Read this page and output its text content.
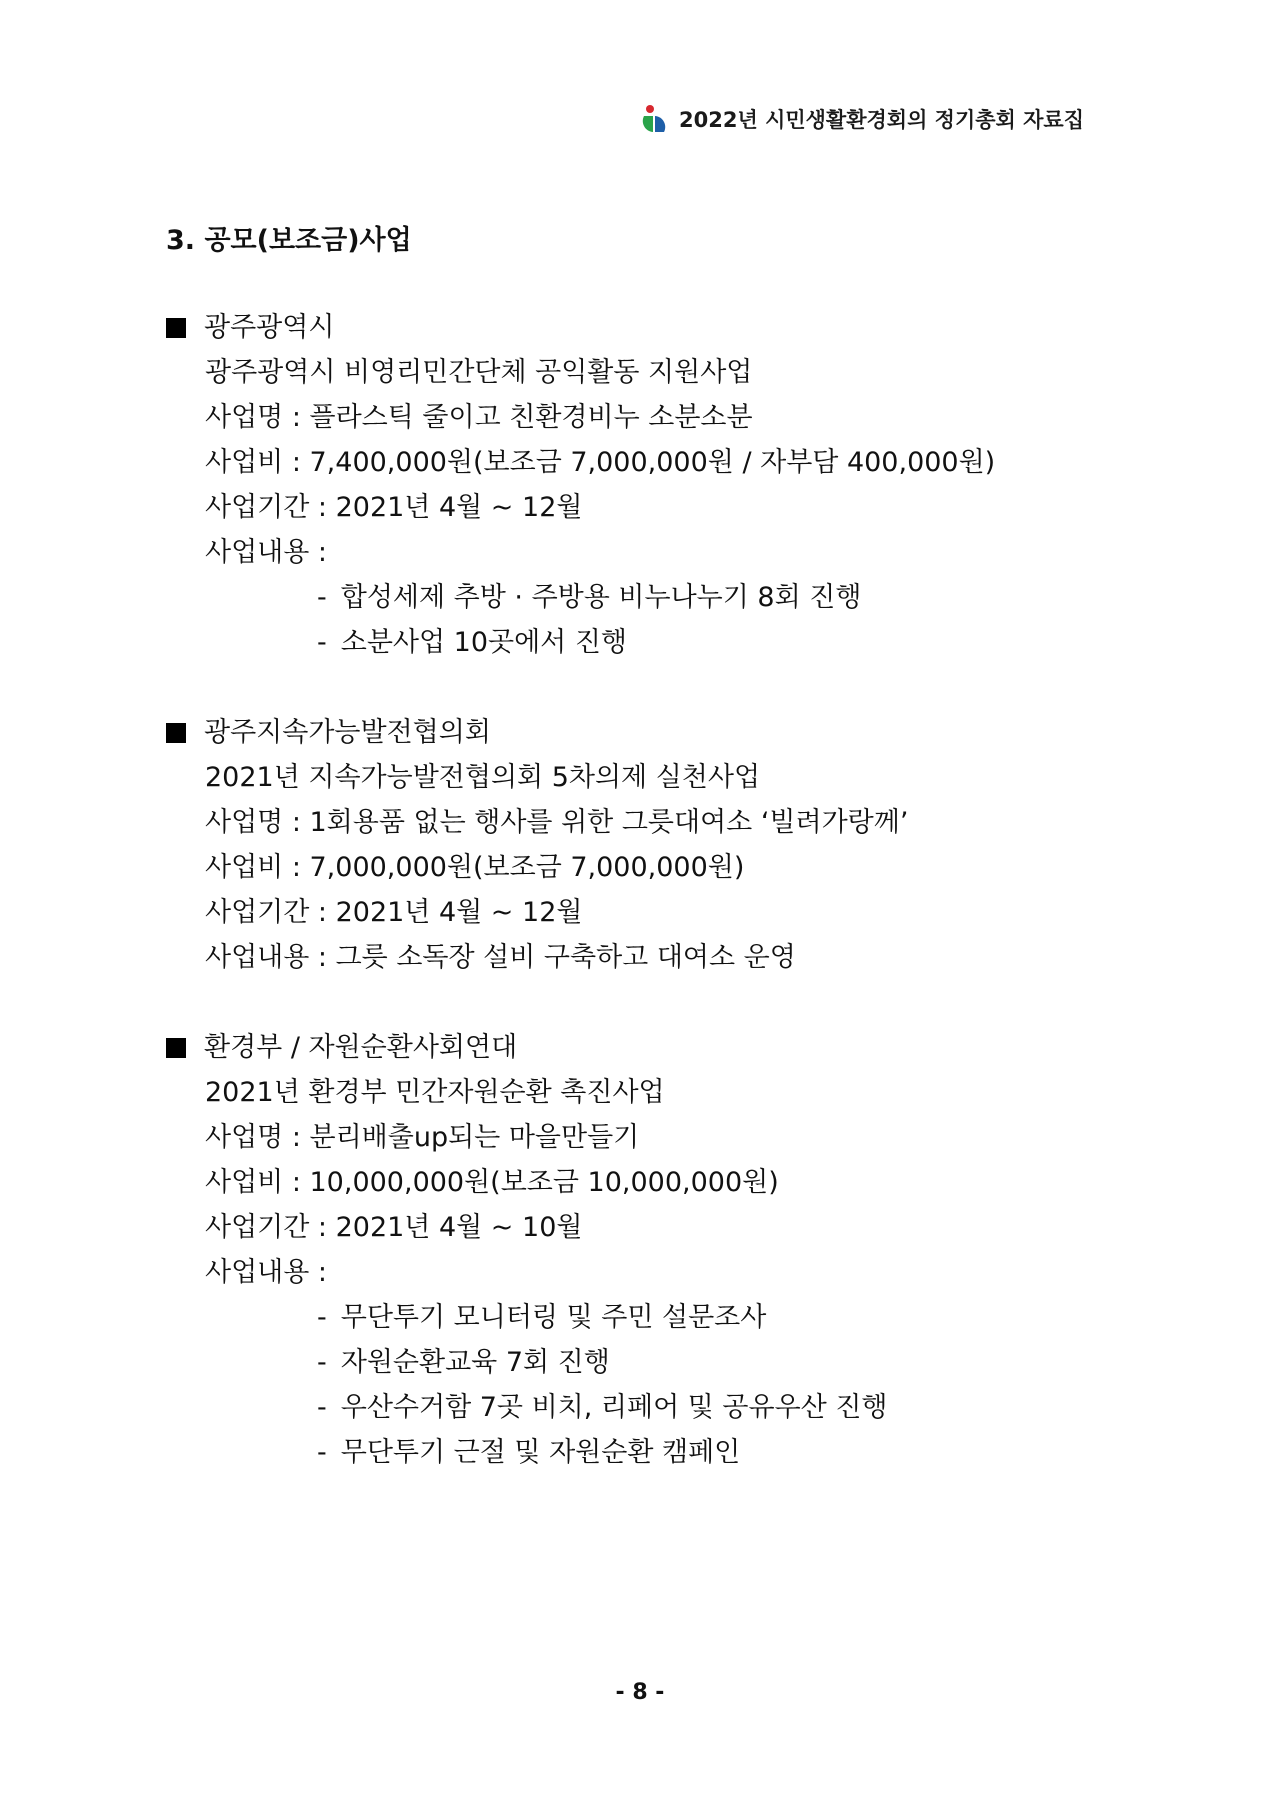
2022년 시민생활환경회의 정기총회 자료집
3. 공모(보조금)사업
광주광역시
광주광역시 비영리민간단체 공익활동 지원사업
사업명 : 플라스틱 줄이고 친환경비누 소분소분
사업비 : 7,400,000원(보조금 7,000,000원 / 자부담 400,000원)
사업기간 : 2021년 4월 ~ 12월
사업내용 :
- 합성세제 추방 · 주방용 비누나누기 8회 진행
- 소분사업 10곳에서 진행
광주지속가능발전협의회
2021년 지속가능발전협의회 5차의제 실천사업
사업명 : 1회용품 없는 행사를 위한 그릇대여소 ‘빌려가랑께’
사업비 : 7,000,000원(보조금 7,000,000원)
사업기간 : 2021년 4월 ~ 12월
사업내용 : 그릇 소독장 설비 구축하고 대여소 운영
환경부 / 자원순환사회연대
2021년 환경부 민간자원순환 촉진사업
사업명 : 분리배출up되는 마을만들기
사업비 : 10,000,000원(보조금 10,000,000원)
사업기간 : 2021년 4월 ~ 10월
사업내용 :
- 무단투기 모니터링 및 주민 설문조사
- 자원순환교육 7회 진행
- 우산수거함 7곳 비치, 리페어 및 공유우산 진행
- 무단투기 근절 및 자원순환 캠페인
- 8 -
